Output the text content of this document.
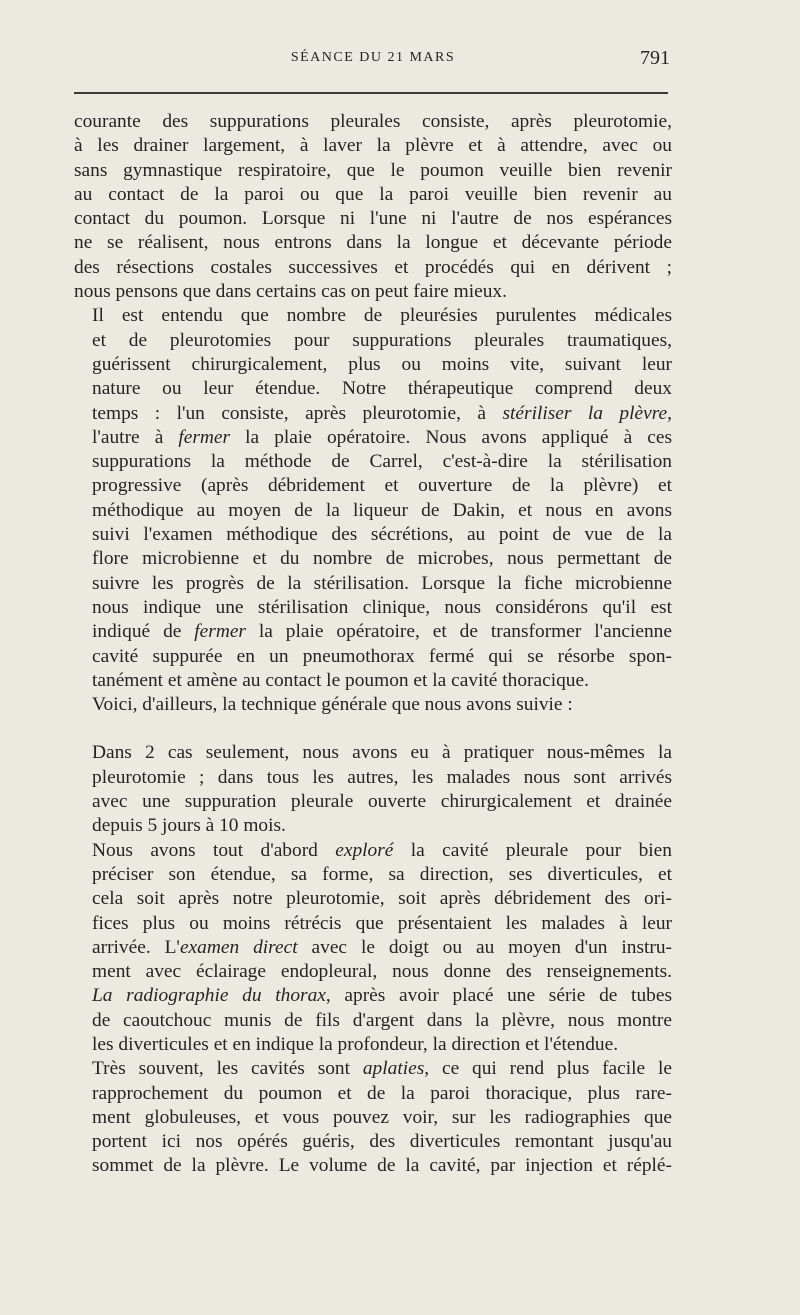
SÉANCE DU 21 MARS	791

courante des suppurations pleurales consiste, après pleurotomie,
à les drainer largement, à laver la plèvre et à attendre, avec ou
sans gymnastique respiratoire, que le poumon veuille bien revenir
au contact de la paroi ou que la paroi veuille bien revenir au
contact du poumon. Lorsque ni l'une ni l'autre de nos espérances
ne se réalisent, nous entrons dans la longue et décevante période
des résections costales successives et procédés qui en dérivent ;
nous pensons que dans certains cas on peut faire mieux.

Il est entendu que nombre de pleurésies purulentes médicales
et de pleurotomies pour suppurations pleurales traumatiques,
guérissent chirurgicalement, plus ou moins vite, suivant leur
nature ou leur étendue. Notre thérapeutique comprend deux
temps : l'un consiste, après pleurotomie, à stériliser la plèvre,
l'autre à fermer la plaie opératoire. Nous avons appliqué à ces
suppurations la méthode de Carrel, c'est-à-dire la stérilisation
progressive (après débridement et ouverture de la plèvre) et
méthodique au moyen de la liqueur de Dakin, et nous en avons
suivi l'examen méthodique des sécrétions, au point de vue de la
flore microbienne et du nombre de microbes, nous permettant de
suivre les progrès de la stérilisation. Lorsque la fiche microbienne
nous indique une stérilisation clinique, nous considérons qu'il est
indiqué de fermer la plaie opératoire, et de transformer l'ancienne
cavité suppurée en un pneumothorax fermé qui se résorbe spon-
tanément et amène au contact le poumon et la cavité thoracique.

Voici, d'ailleurs, la technique générale que nous avons suivie :

Dans 2 cas seulement, nous avons eu à pratiquer nous-mêmes la
pleurotomie ; dans tous les autres, les malades nous sont arrivés
avec une suppuration pleurale ouverte chirurgicalement et drainée
depuis 5 jours à 10 mois.

Nous avons tout d'abord exploré la cavité pleurale pour bien
préciser son étendue, sa forme, sa direction, ses diverticules, et
cela soit après notre pleurotomie, soit après débridement des ori-
fices plus ou moins rétrécis que présentaient les malades à leur
arrivée. L'examen direct avec le doigt ou au moyen d'un instru-
ment avec éclairage endopleural, nous donne des renseignements.
La radiographie du thorax, après avoir placé une série de tubes
de caoutchouc munis de fils d'argent dans la plèvre, nous montre
les diverticules et en indique la profondeur, la direction et l'étendue.

Très souvent, les cavités sont aplaties, ce qui rend plus facile le
rapprochement du poumon et de la paroi thoracique, plus rare-
ment globuleuses, et vous pouvez voir, sur les radiographies que
portent ici nos opérés guéris, des diverticules remontant jusqu'au
sommet de la plèvre. Le volume de la cavité, par injection et réplé-
